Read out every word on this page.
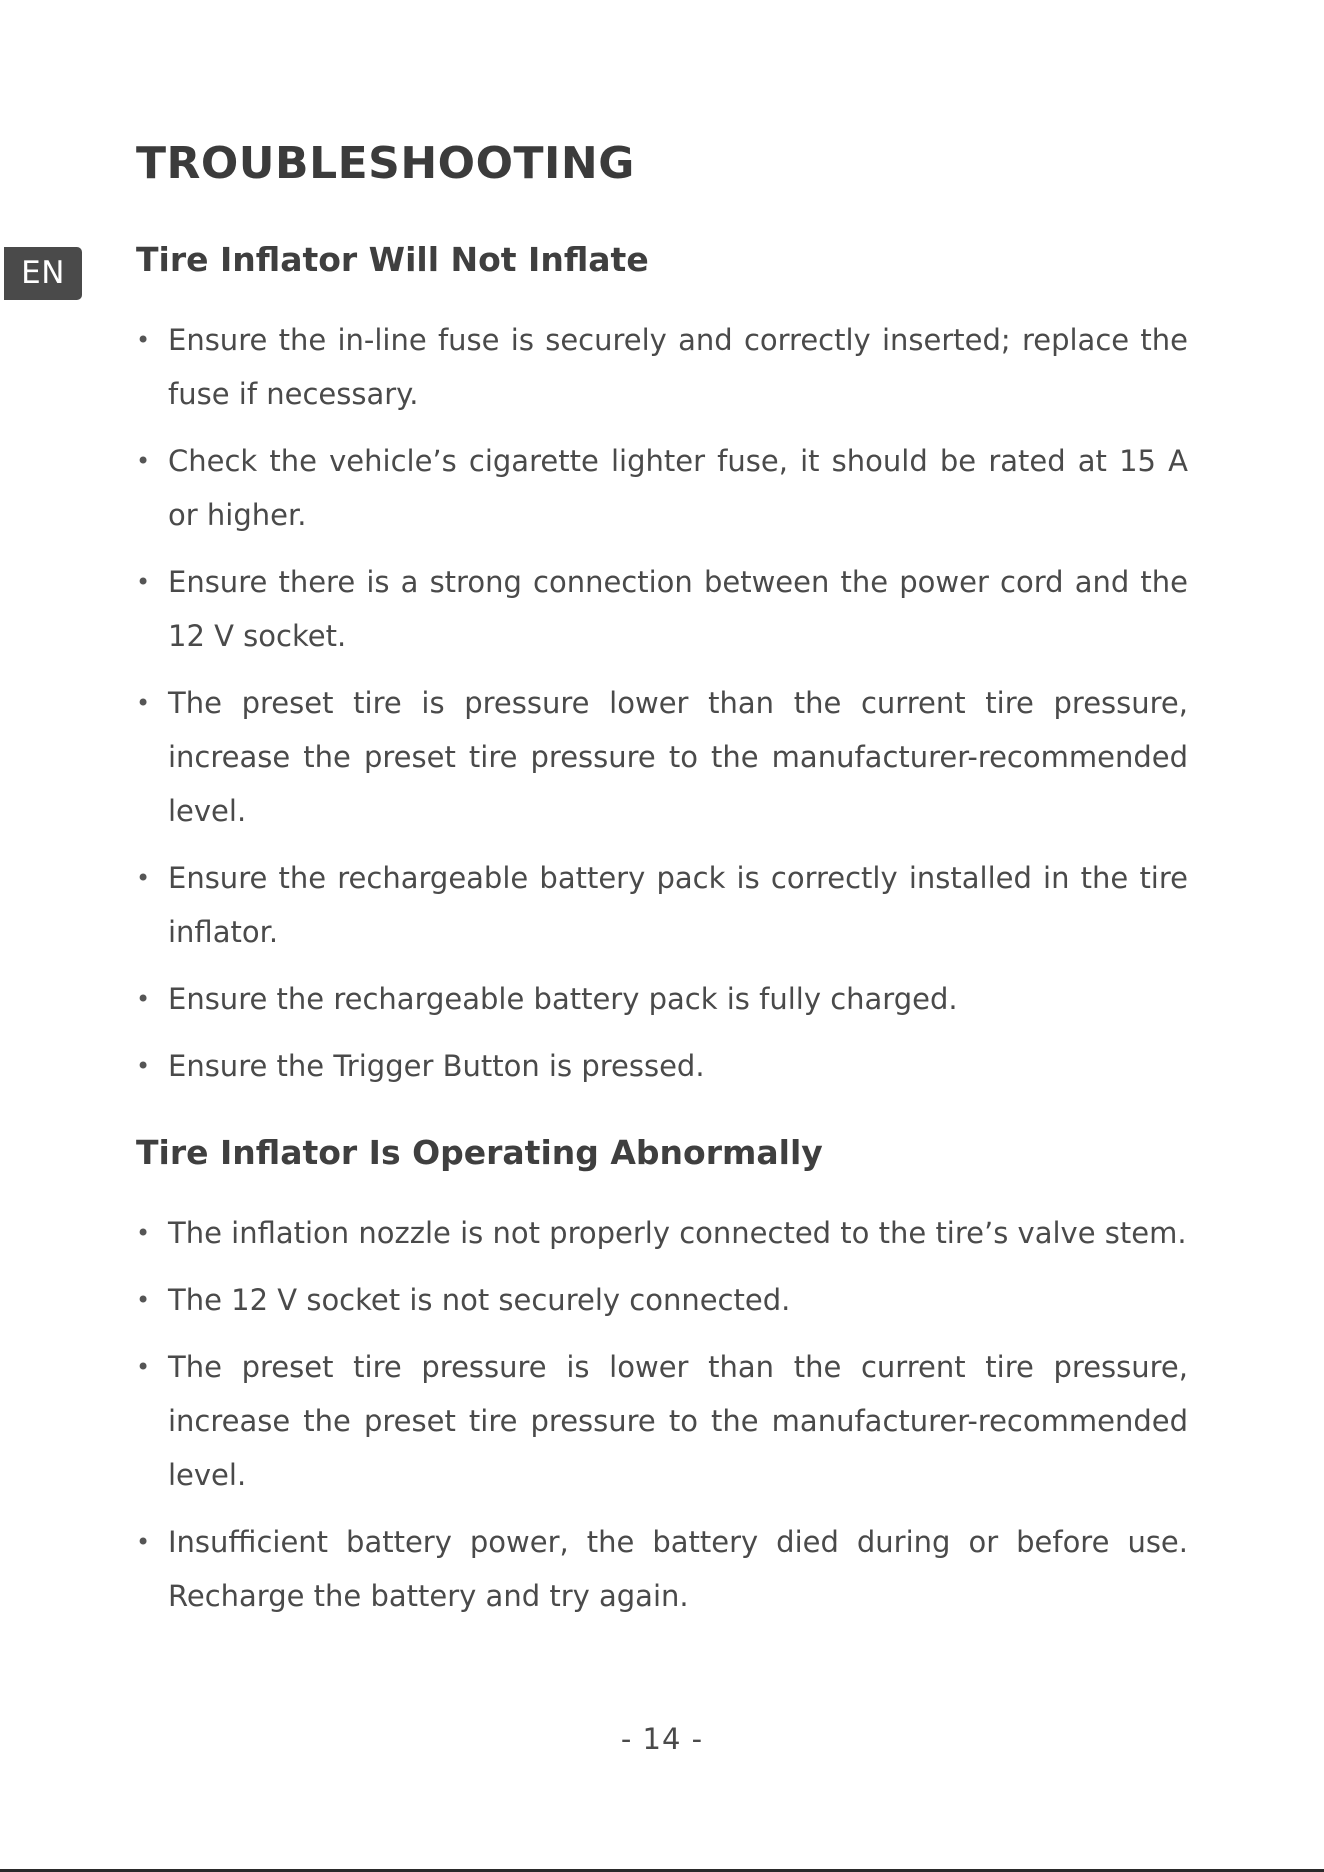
EN
TROUBLESHOOTING
Tire Inflator Will Not Inflate
• Ensure the in-line fuse is securely and correctly inserted; replace the fuse if necessary.
• Check the vehicle’s cigarette lighter fuse, it should be rated at 15 A or higher.
• Ensure there is a strong connection between the power cord and the 12 V socket.
• The preset tire is pressure lower than the current tire pressure, increase the preset tire pressure to the manufacturer-recommended level.
• Ensure the rechargeable battery pack is correctly installed in the tire inflator.
• Ensure the rechargeable battery pack is fully charged.
• Ensure the Trigger Button is pressed.
Tire Inflator Is Operating Abnormally
• The inflation nozzle is not properly connected to the tire’s valve stem.
• The 12 V socket is not securely connected.
• The preset tire pressure is lower than the current tire pressure, increase the preset tire pressure to the manufacturer-recommended level.
• Insufficient battery power, the battery died during or before use. Recharge the battery and try again.
- 14 -
